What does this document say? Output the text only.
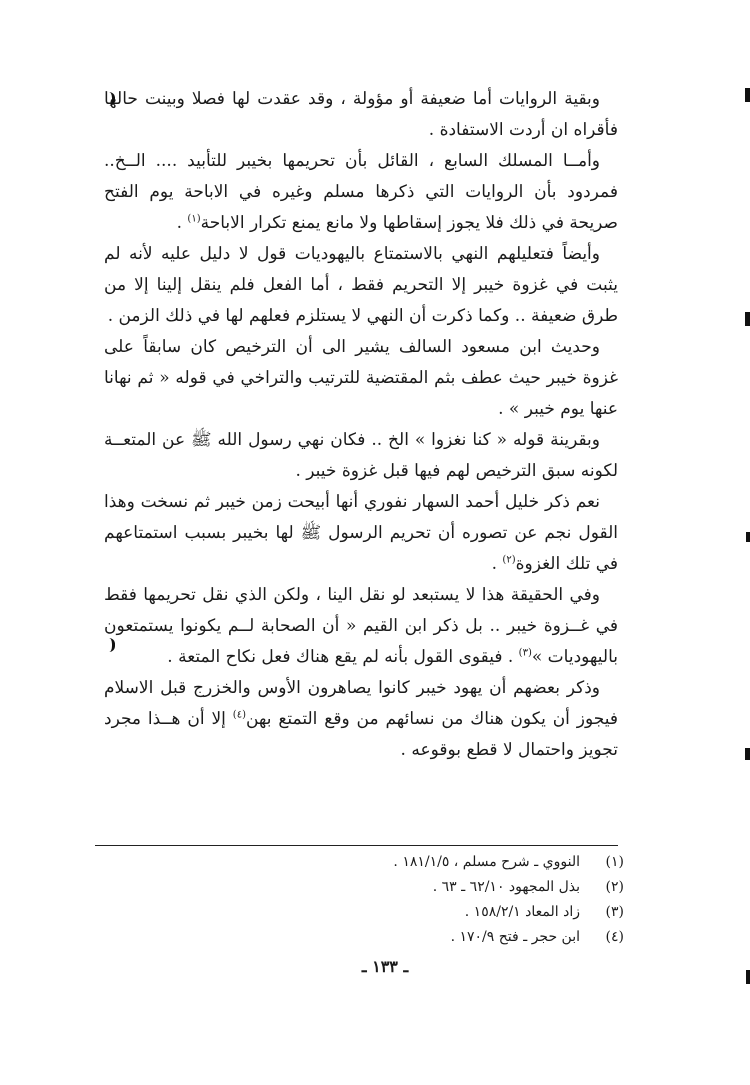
وبقية الروايات أما ضعيفة أو مؤولة ، وقد عقدت لها فصلا وبينت حالها فأقراه ان أردت الاستفادة .

وأمــا المسلك السابع ، القائل بأن تحريمها بخيبر للتأبيد .... الــخ.. فمردود بأن الروايات التي ذكرها مسلم وغيره في الاباحة يوم الفتح صريحة في ذلك فلا يجوز إسقاطها ولا مانع يمنع تكرار الاباحة$^{(١)}$ .

وأيضاً فتعليلهم النهي بالاستمتاع باليهوديات قول لا دليل عليه لأنه لم يثبت في غزوة خيبر إلا التحريم فقط ، أما الفعل فلم ينقل إلينا إلا من طرق ضعيفة .. وكما ذكرت أن النهي لا يستلزم فعلهم لها في ذلك الزمن .

وحديث ابن مسعود السالف يشير الى أن الترخيص كان سابقاً على غزوة خيبر حيث عطف بثم المقتضية للترتيب والتراخي في قوله « ثم نهانا عنها يوم خيبر » .

وبقرينة قوله « كنا نغزوا » الخ .. فكان نهي رسول الله ﷺ عن المتعــة لكونه سبق الترخيص لهم فيها قبل غزوة خيبر .

نعم ذكر خليل أحمد السهار نفوري أنها أبيحت زمن خيبر ثم نسخت وهذا القول نجم عن تصوره أن تحريم الرسول ﷺ لها بخيبر بسبب استمتاعهم في تلك الغزوة$^{(٢)}$ .

وفي الحقيقة هذا لا يستبعد لو نقل الينا ، ولكن الذي نقل تحريمها فقط في غــزوة خيبر .. بل ذكر ابن القيم « أن الصحابة لــم يكونوا يستمتعون باليهوديات »$^{(٣)}$ . فيقوى القول بأنه لم يقع هناك فعل نكاح المتعة .

وذكر بعضهم أن يهود خيبر كانوا يصاهرون الأوس والخزرج قبل الاسلام فيجوز أن يكون هناك من نسائهم من وقع التمتع بهن$^{(٤)}$ إلا أن هــذا مجرد تجويز واحتمال لا قطع بوقوعه .

(١)
النووي ـ شرح مسلم ، ١٨١/١/٥ .
(٢)
بذل المجهود ٦٢/١٠ ـ ٦٣ .
(٣)
زاد المعاد ١٥٨/٢/١ .
(٤)
ابن حجر ـ فتح ١٧٠/٩ .
ـ ١٣٣ ـ
